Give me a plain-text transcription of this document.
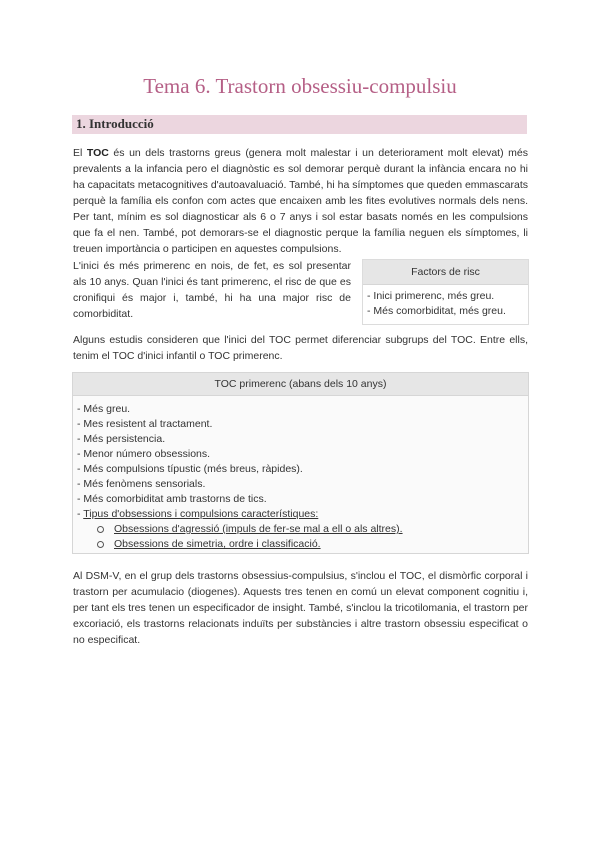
Tema 6. Trastorn obsessiu-compulsiu
1. Introducció

El TOC és un dels trastorns greus (genera molt malestar i un deteriorament molt elevat) més prevalents a la infancia pero el diagnòstic es sol demorar perquè durant la infància encara no hi ha capacitats metacognitives d'autoavaluació. També, hi ha símptomes que queden emmascarats perquè la família els confon com actes que encaixen amb les fites evolutives normals dels nens. Per tant, mínim es sol diagnosticar als 6 o 7 anys i sol estar basats només en les compulsions que fa el nen. També, pot demorars-se el diagnostic perque la família neguen els símptomes, li treuen importància o participen en aquestes compulsions.

L'inici és més primerenc en nois, de fet, es sol presentar als 10 anys. Quan l'inici és tant primerenc, el risc de que es cronifiqui és major i, també, hi ha una major risc de comorbiditat.

Factors de risc
- Inici primerenc, més greu.
- Més comorbiditat, més greu.

Alguns estudis consideren que l'inici del TOC permet diferenciar subgrups del TOC. Entre ells, tenim el TOC d'inici infantil o TOC primerenc.

TOC primerenc (abans dels 10 anys)
- Més greu.
- Mes resistent al tractament.
- Més persistencia.
- Menor número obsessions.
- Més compulsions típustic (més breus, ràpides).
- Més fenòmens sensorials.
- Més comorbiditat amb trastorns de tics.
- Tipus d'obsessions i compulsions característiques:
Obsessions d'agressió (impuls de fer-se mal a ell o als altres).
Obsessions de simetria, ordre i classificació.

Al DSM-V, en el grup dels trastorns obsessius-compulsius, s'inclou el TOC, el dismòrfic corporal i trastorn per acumulacio (diogenes). Aquests tres tenen en comú un elevat component cognitiu i, per tant els tres tenen un especificador de insight. També, s'inclou la tricotilomania, el trastorn per excoriació, els trastorns relacionats induïts per substàncies i altre trastorn obsessiu especificat o no especificat.
